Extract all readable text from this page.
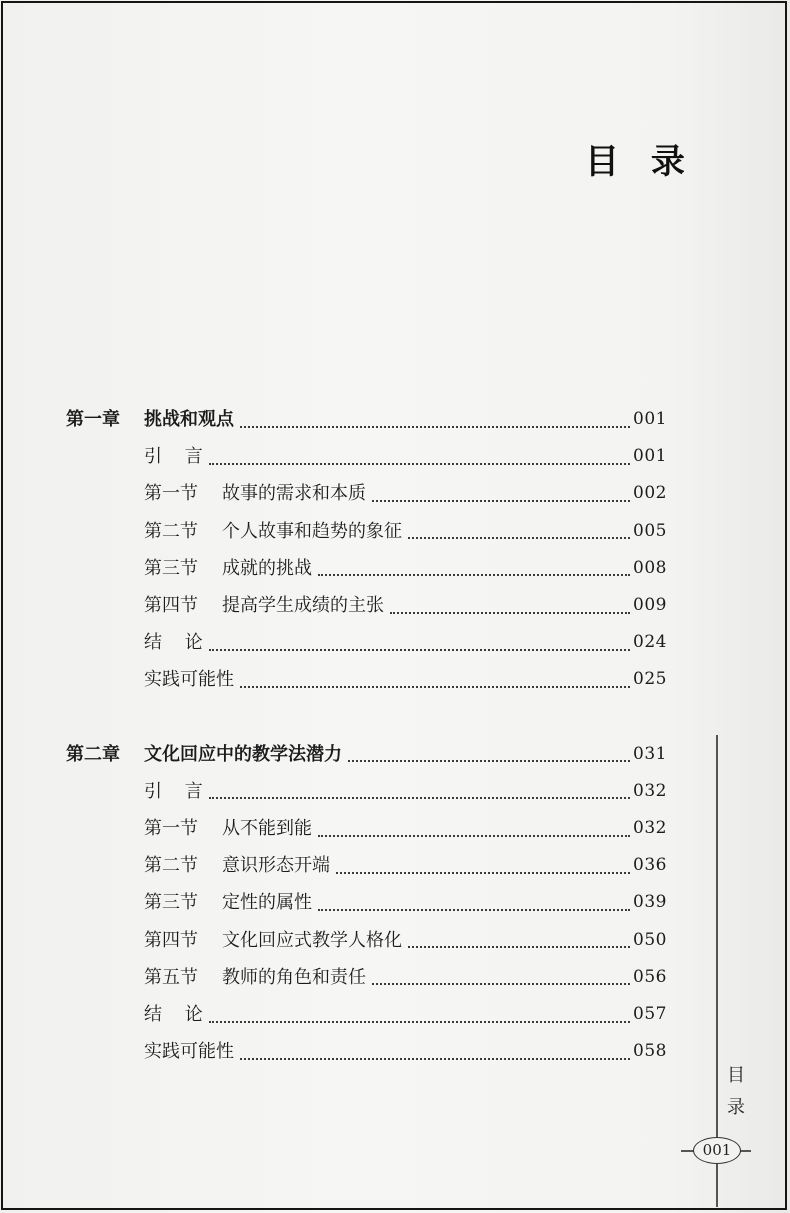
目 录
第一章	挑战和观点	001
引 言	001
第一节	故事的需求和本质	002
第二节	个人故事和趋势的象征	005
第三节	成就的挑战	008
第四节	提高学生成绩的主张	009
结 论	024
实践可能性	025
第二章	文化回应中的教学法潜力	031
引 言	032
第一节	从不能到能	032
第二节	意识形态开端	036
第三节	定性的属性	039
第四节	文化回应式教学人格化	050
第五节	教师的角色和责任	056
结 论	057
实践可能性	058
目
录
001
